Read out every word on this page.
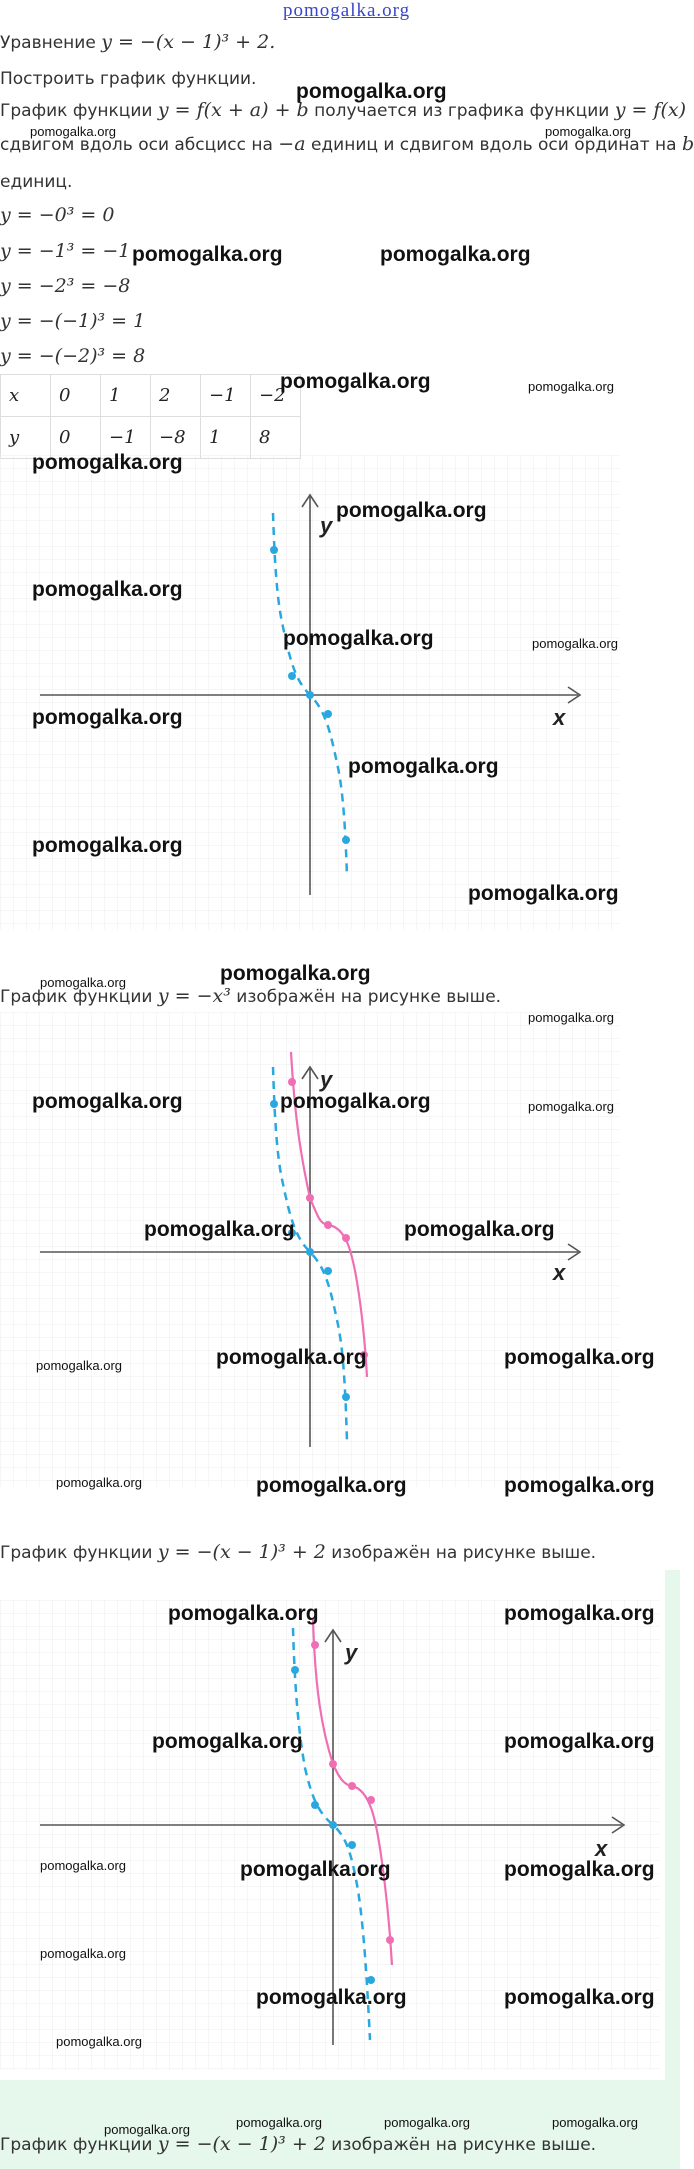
pomogalka.org
Уравнение y = −(x − 1)³ + 2.
Построить график функции.
График функции y = f(x + a) + b получается из графика функции y = f(x)
сдвигом вдоль оси абсцисс на −a единиц и сдвигом вдоль оси ординат на b
единиц.
y = −0³ = 0
y = −1³ = −1
y = −2³ = −8
y = −(−1)³ = 1
y = −(−2)³ = 8
x	0	1	2	−1	−2
y	0	−1	−8	1	8
x
y
График функции y = −x³ изображён на рисунке выше.
x
y
График функции y = −(x − 1)³ + 2 изображён на рисунке выше.
x
y
График функции y = −(x − 1)³ + 2 изображён на рисунке выше.
pomogalka.org
pomogalka.org	pomogalka.org
pomogalka.org	pomogalka.org
pomogalka.org	pomogalka.org
pomogalka.org
pomogalka.org
pomogalka.org
pomogalka.org	pomogalka.org
pomogalka.org
pomogalka.org
pomogalka.org
pomogalka.org
pomogalka.org	pomogalka.org
pomogalka.org
pomogalka.org	pomogalka.org	pomogalka.org
pomogalka.org	pomogalka.org
pomogalka.org	pomogalka.org	pomogalka.org
pomogalka.org	pomogalka.org	pomogalka.org
pomogalka.org	pomogalka.org
pomogalka.org	pomogalka.org
pomogalka.org	pomogalka.org	pomogalka.org
pomogalka.org
pomogalka.org	pomogalka.org
pomogalka.org
pomogalka.org	pomogalka.org	pomogalka.org	pomogalka.org
